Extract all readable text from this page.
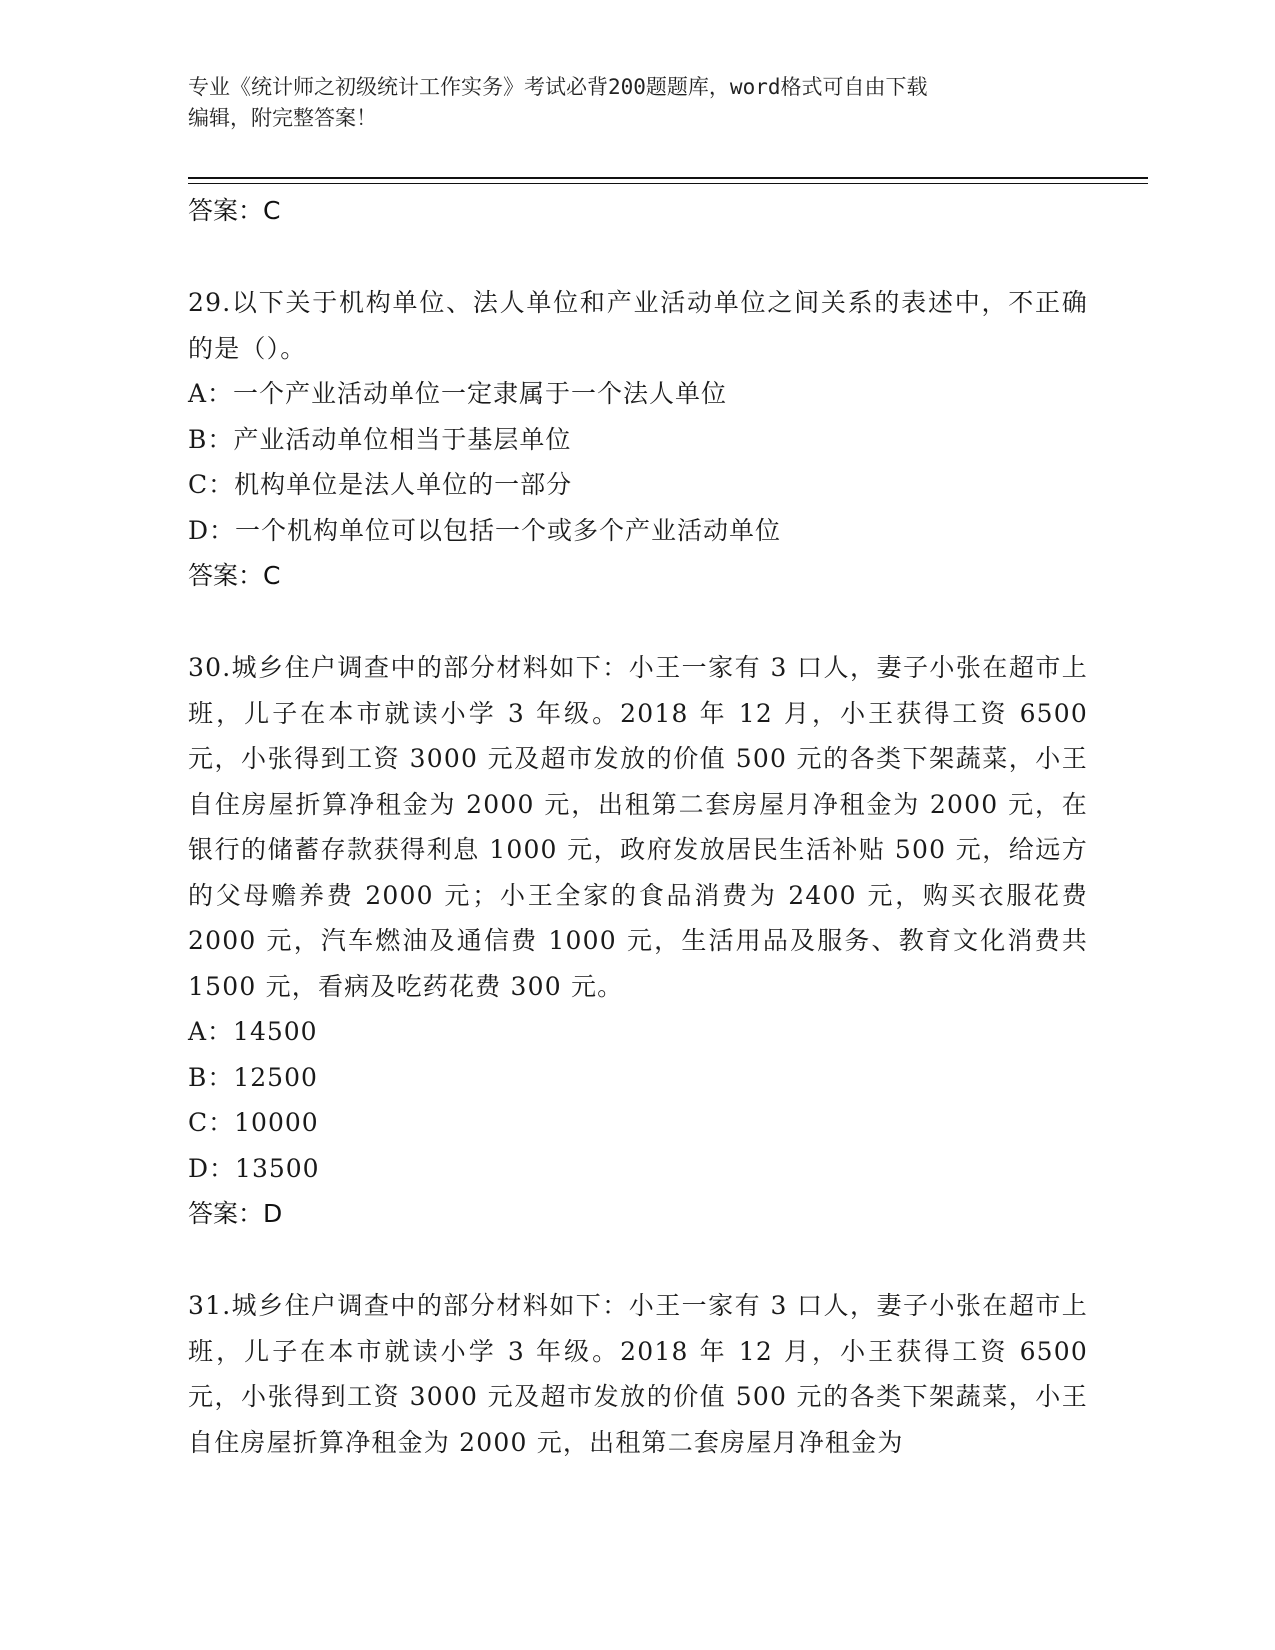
专业《统计师之初级统计工作实务》考试必背200题题库，word格式可自由下载
编辑，附完整答案！

答案：C

29.以下关于机构单位、法人单位和产业活动单位之间关系的表述中，不正确的是（）。

A：一个产业活动单位一定隶属于一个法人单位

B：产业活动单位相当于基层单位

C：机构单位是法人单位的一部分

D：一个机构单位可以包括一个或多个产业活动单位

答案：C

30.城乡住户调查中的部分材料如下：小王一家有 3 口人，妻子小张在超市上班，儿子在本市就读小学 3 年级。2018 年 12 月，小王获得工资 6500 元，小张得到工资 3000 元及超市发放的价值 500 元的各类下架蔬菜，小王自住房屋折算净租金为 2000 元，出租第二套房屋月净租金为 2000 元，在银行的储蓄存款获得利息 1000 元，政府发放居民生活补贴 500 元，给远方的父母赡养费 2000 元；小王全家的食品消费为 2400 元，购买衣服花费 2000 元，汽车燃油及通信费 1000 元，生活用品及服务、教育文化消费共 1500 元，看病及吃药花费 300 元。

A：14500

B：12500

C：10000

D：13500

答案：D

31.城乡住户调查中的部分材料如下：小王一家有 3 口人，妻子小张在超市上班，儿子在本市就读小学 3 年级。2018 年 12 月，小王获得工资 6500 元，小张得到工资 3000 元及超市发放的价值 500 元的各类下架蔬菜，小王自住房屋折算净租金为 2000 元，出租第二套房屋月净租金为
